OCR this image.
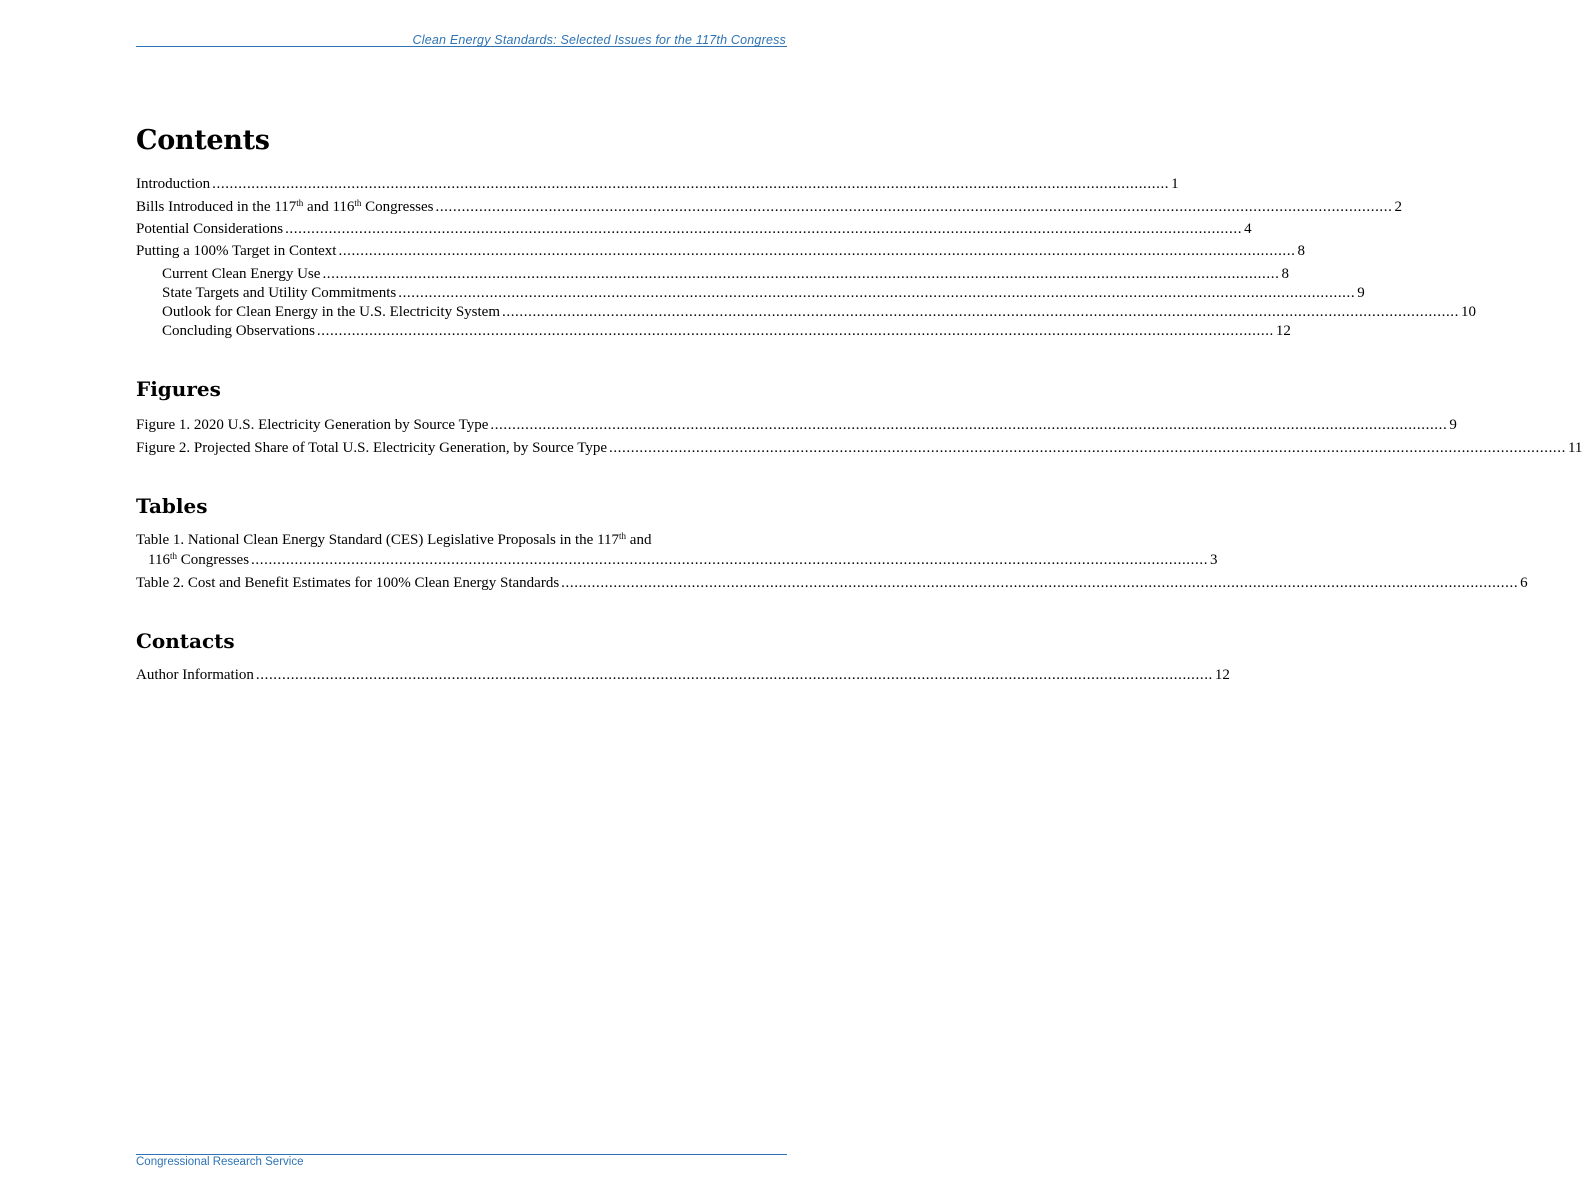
Clean Energy Standards: Selected Issues for the 117th Congress
Contents
Introduction ............................................................................................................................................................................................................................ 1
Bills Introduced in the 117th and 116th Congresses ............................................................................................................................................................................................................................ 2
Potential Considerations ............................................................................................................................................................................................................................ 4
Putting a 100% Target in Context ............................................................................................................................................................................................................................ 8
Current Clean Energy Use ............................................................................................................................................................................................................................ 8
State Targets and Utility Commitments ............................................................................................................................................................................................................................ 9
Outlook for Clean Energy in the U.S. Electricity System ............................................................................................................................................................................................................................ 10
Concluding Observations ............................................................................................................................................................................................................................ 12
Figures
Figure 1. 2020 U.S. Electricity Generation by Source Type ............................................................................................................................................................................................................................ 9
Figure 2. Projected Share of Total U.S. Electricity Generation, by Source Type ............................................................................................................................................................................................................................ 11
Tables
Table 1. National Clean Energy Standard (CES) Legislative Proposals in the 117th and
116th Congresses ............................................................................................................................................................................................................................ 3
Table 2. Cost and Benefit Estimates for 100% Clean Energy Standards ............................................................................................................................................................................................................................ 6
Contacts
Author Information ............................................................................................................................................................................................................................ 12
Congressional Research Service
